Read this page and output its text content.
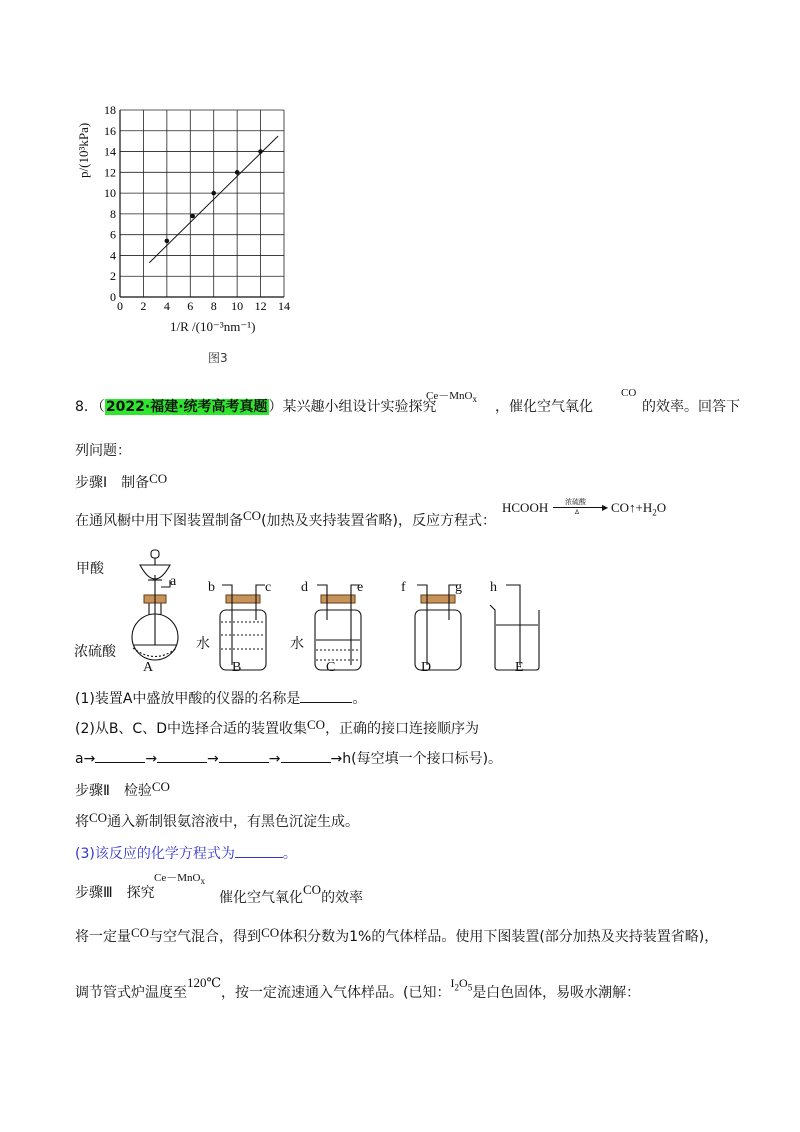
0 2 4 6 8 10 12 14
0
2
4
6
8
10
12
14
16
18
p/(10³kPa)
1/R /(10⁻³nm⁻¹)
图3
8．（2022·福建·统考高考真题）某兴趣小组设计实验探究
Ce－MnO$_x$ ，催化空气氧化
CO
的效率。回答下
列问题：
步骤Ⅰ　制备CO
在通风橱中用下图装置制备CO(加热及夹持装置省略)，反应方程式：
HCOOH 浓硫酸
▶
Δ $CO↑+H_2O$
甲酸
a b	c d	e	f	g h
水	水
浓硫酸
A	B	C	D	E
(1)装置A中盛放甲酸的仪器的名称是	。
(2)从B、C、D中选择合适的装置收集CO，正确的接口连接顺序为
a→	→	→	→	→h(每空填一个接口标号)。
步骤Ⅱ　检验CO
将CO通入新制银氨溶液中，有黑色沉淀生成。
(3)该反应的化学方程式为	。
步骤Ⅲ　探究
Ce－MnO$_x$
催化空气氧化CO的效率
将一定量CO与空气混合，得到CO体积分数为1%的气体样品。使用下图装置(部分加热及夹持装置省略)，
调节管式炉温度至120℃，按一定流速通入气体样品。(已知：$I_2O_5$是白色固体，易吸水潮解：
